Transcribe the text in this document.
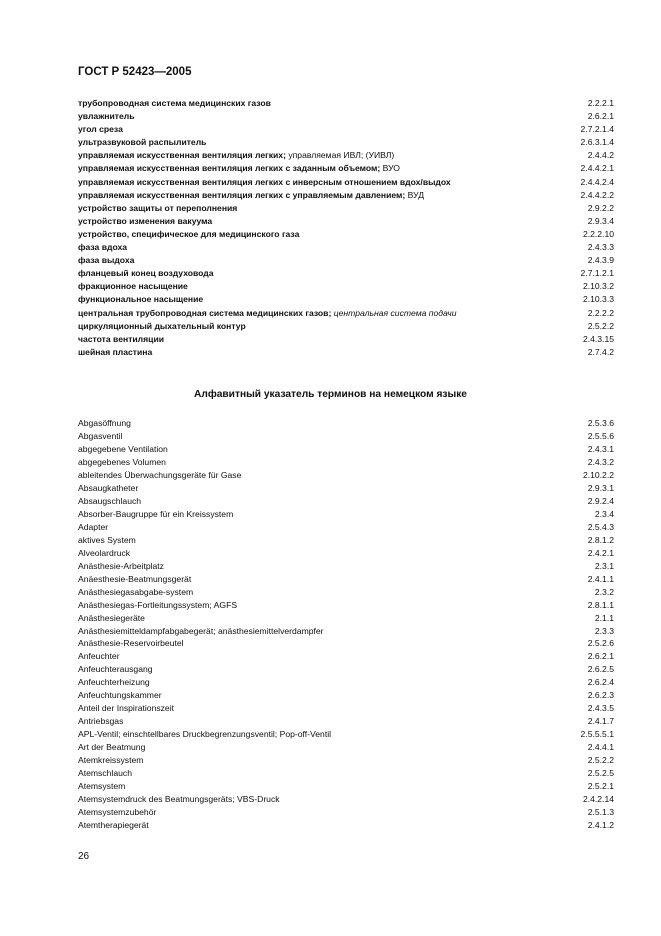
ГОСТ Р 52423—2005
трубопроводная система медицинских газов	2.2.2.1
увлажнитель	2.6.2.1
угол среза	2.7.2.1.4
ультразвуковой распылитель	2.6.3.1.4
управляемая искусственная вентиляция легких; управляемая ИВЛ; (УИВЛ)	2.4.4.2
управляемая искусственная вентиляция легких с заданным объемом; ВУО	2.4.4.2.1
управляемая искусственная вентиляция легких с инверсным отношением вдох/выдох	2.4.4.2.4
управляемая искусственная вентиляция легких с управляемым давлением; ВУД	2.4.4.2.2
устройство защиты от переполнения	2.9.2.2
устройство изменения вакуума	2.9.3.4
устройство, специфическое для медицинского газа	2.2.2.10
фаза вдоха	2.4.3.3
фаза выдоха	2.4.3.9
фланцевый конец воздуховода	2.7.1.2.1
фракционное насыщение	2.10.3.2
функциональное насыщение	2.10.3.3
центральная трубопроводная система медицинских газов; центральная система подачи	2.2.2.2
циркуляционный дыхательный контур	2.5.2.2
частота вентиляции	2.4.3.15
шейная пластина	2.7.4.2
Алфавитный указатель терминов на немецком языке
Abgasöffnung	2.5.3.6
Abgasventil	2.5.5.6
abgegebene Ventilation	2.4.3.1
abgegebenes Volumen	2.4.3.2
ableitendes Überwachungsgeräte für Gase	2.10.2.2
Absaugkatheter	2.9.3.1
Absaugschlauch	2.9.2.4
Absorber-Baugruppe für ein Kreissystem	2.3.4
Adapter	2.5.4.3
aktives System	2.8.1.2
Alveolardruck	2.4.2.1
Anästhesie-Arbeitplatz	2.3.1
Anäesthesie-Beatmungsgerät	2.4.1.1
Anästhesiegasabgabe-system	2.3.2
Anästhesiegas-Fortleitungssystem; AGFS	2.8.1.1
Anästhesiegeräte	2.1.1
Anästhesiemitteldampfabgabegerät; anästhesiemittelverdampfer	2.3.3
Anästhesie-Reservoirbeutel	2.5.2.6
Anfeuchter	2.6.2.1
Anfeuchterausgang	2.6.2.5
Anfeuchterheizung	2.6.2.4
Anfeuchtungskammer	2.6.2.3
Anteil der Inspirationszeit	2.4.3.5
Antriebsgas	2.4.1.7
APL-Ventil; einschtellbares Druckbegrenzungsventil; Pop-off-Ventil	2.5.5.5.1
Art der Beatmung	2.4.4.1
Atemkreissystem	2.5.2.2
Atemschlauch	2.5.2.5
Atemsystem	2.5.2.1
Atemsystemdruck des Beatmungsgeräts; VBS-Druck	2.4.2.14
Atemsystemzubehör	2.5.1.3
Atemtherapiegerät	2.4.1.2
26
